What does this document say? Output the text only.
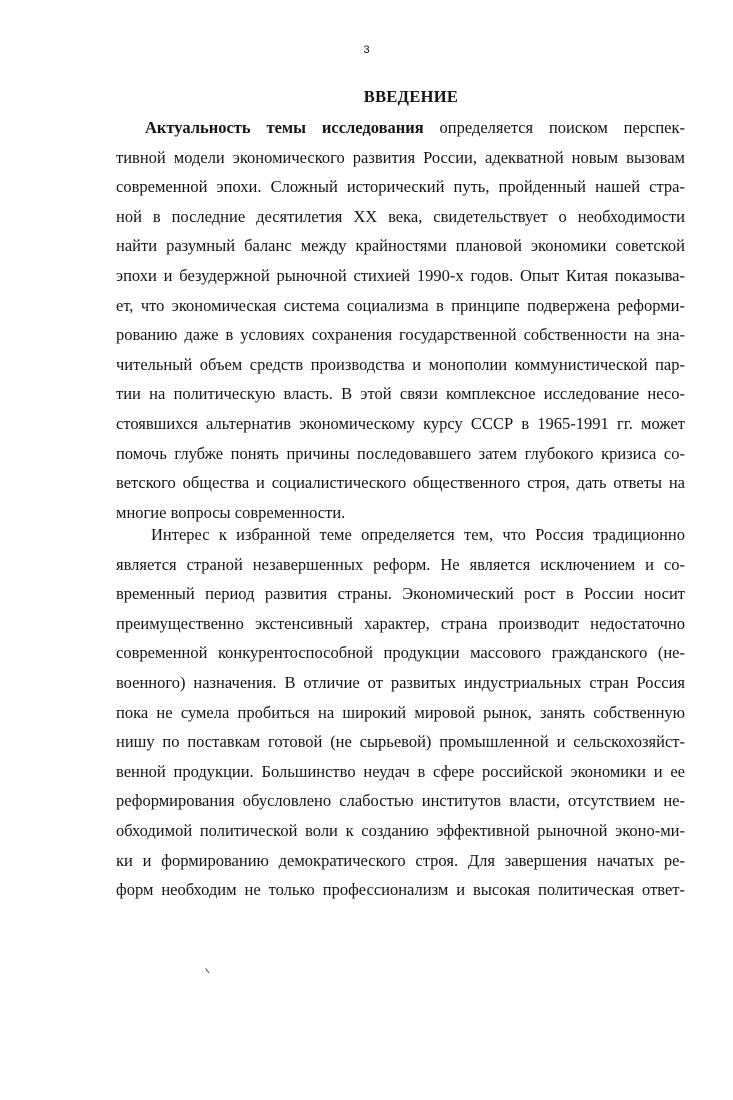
3
ВВЕДЕНИЕ
Актуальность темы исследования определяется поиском перспек-
тивной модели экономического развития России, адекватной новым вызовам
современной эпохи. Сложный исторический путь, пройденный нашей стра-
ной в последние десятилетия XX века, свидетельствует о необходимости
найти разумный баланс между крайностями плановой экономики советской
эпохи и безудержной рыночной стихией 1990-х годов. Опыт Китая показыва-
ет, что экономическая система социализма в принципе подвержена реформи-
рованию даже в условиях сохранения государственной собственности на зна-
чительный объем средств производства и монополии коммунистической пар-
тии на политическую власть. В этой связи комплексное исследование несо-
стоявшихся альтернатив экономическому курсу СССР в 1965-1991 гг. может
помочь глубже понять причины последовавшего затем глубокого кризиса со-
ветского общества и социалистического общественного строя, дать ответы на
многие вопросы современности.
Интерес к избранной теме определяется тем, что Россия традиционно
является страной незавершенных реформ. Не является исключением и со-
временный период развития страны. Экономический рост в России носит
преимущественно экстенсивный характер, страна производит недостаточно
современной конкурентоспособной продукции массового гражданского (не-
военного) назначения. В отличие от развитых индустриальных стран Россия
пока не сумела пробиться на широкий мировой рынок, занять собственную
нишу по поставкам готовой (не сырьевой) промышленной и сельскохозяйст-
венной продукции. Большинство неудач в сфере российской экономики и ее
реформирования обусловлено слабостью институтов власти, отсутствием не-
обходимой политической воли к созданию эффективной рыночной эконо-ми-
ки и формированию демократического строя. Для завершения начатых ре-
форм необходим не только профессионализм и высокая политическая ответ-
